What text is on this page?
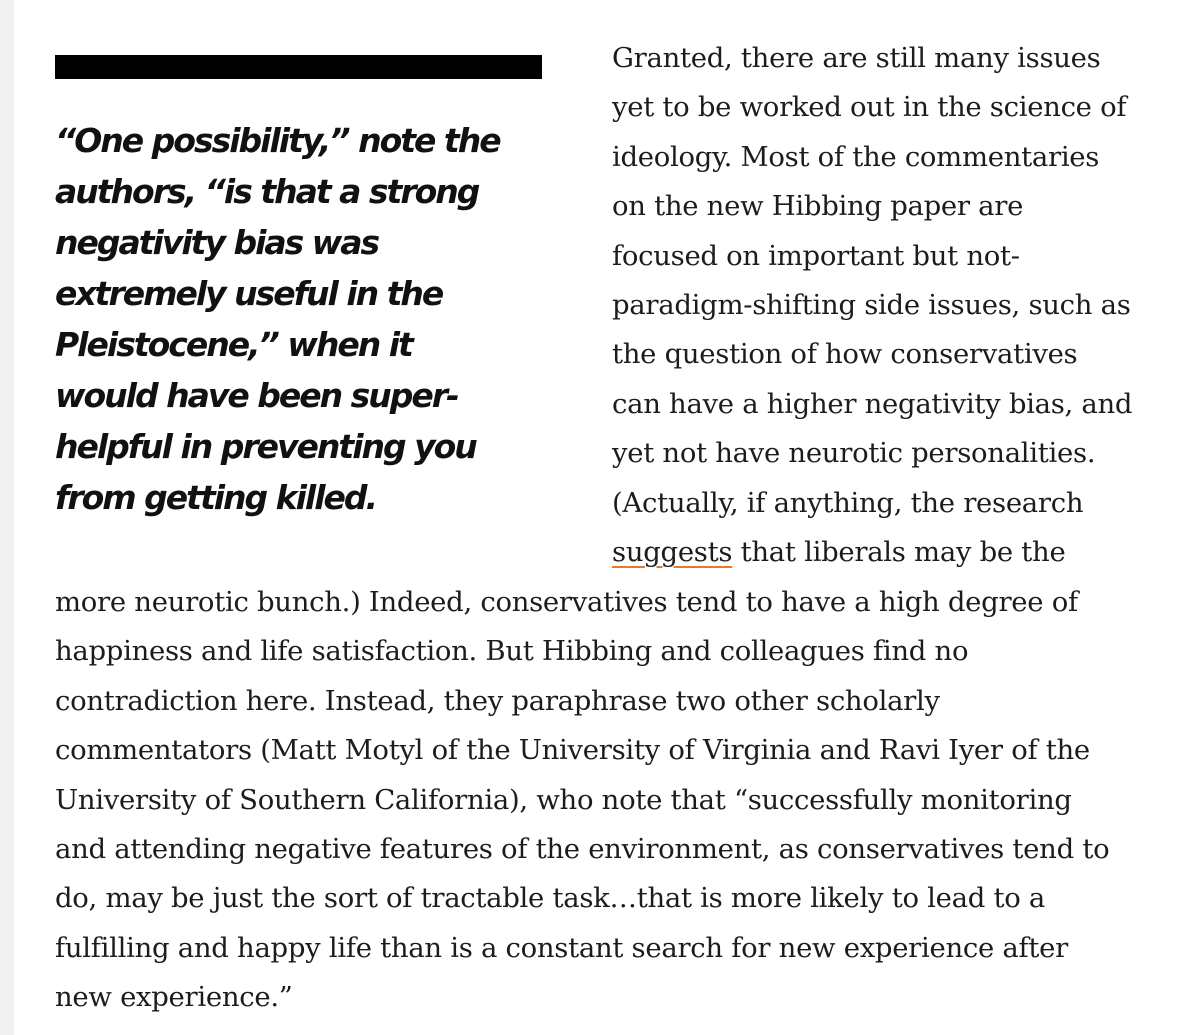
“One possibility,” note the
authors, “is that a strong
negativity bias was
extremely useful in the
Pleistocene,” when it
would have been super-
helpful in preventing you
from getting killed.

Granted, there are still many issues
yet to be worked out in the science of
ideology. Most of the commentaries
on the new Hibbing paper are
focused on important but not-
paradigm-shifting side issues, such as
the question of how conservatives
can have a higher negativity bias, and
yet not have neurotic personalities.
(Actually, if anything, the research
suggests that liberals may be the
more neurotic bunch.) Indeed, conservatives tend to have a high degree of
happiness and life satisfaction. But Hibbing and colleagues find no
contradiction here. Instead, they paraphrase two other scholarly
commentators (Matt Motyl of the University of Virginia and Ravi Iyer of the
University of Southern California), who note that “successfully monitoring
and attending negative features of the environment, as conservatives tend to
do, may be just the sort of tractable task…that is more likely to lead to a
fulfilling and happy life than is a constant search for new experience after
new experience.”
